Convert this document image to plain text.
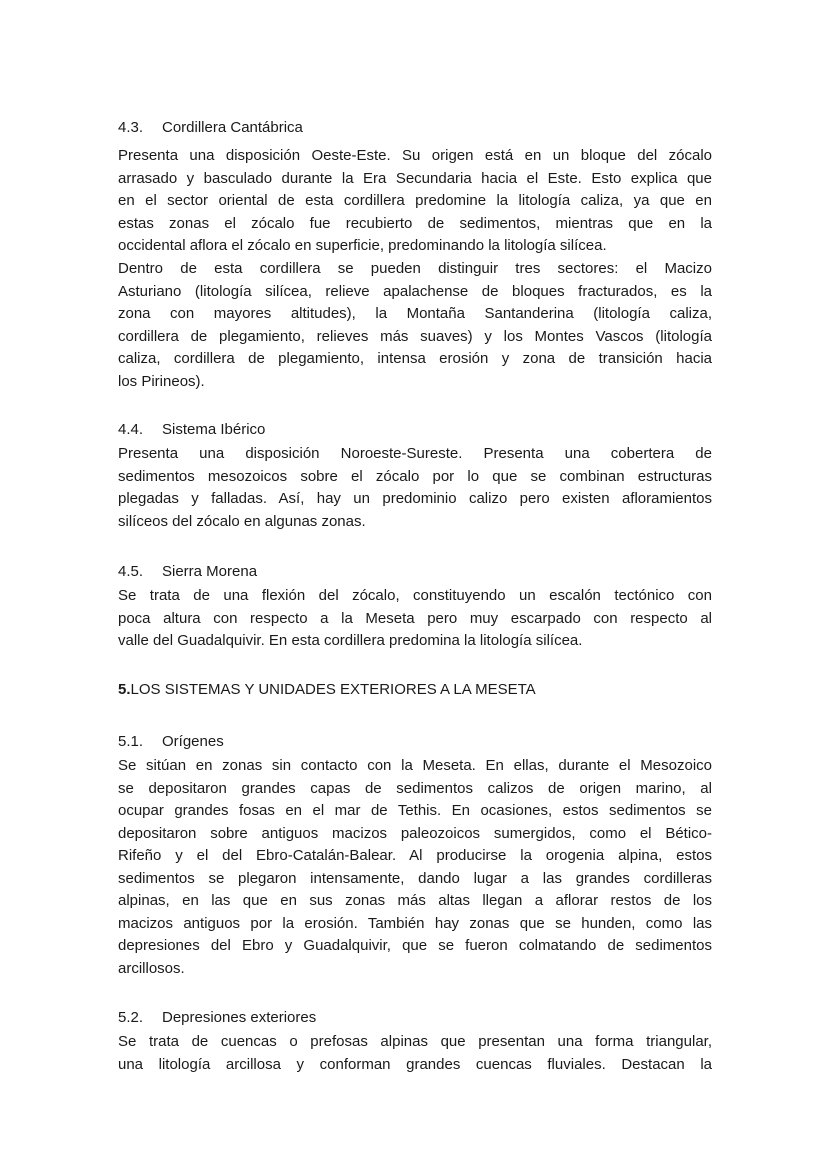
4.3. Cordillera Cantábrica
Presenta una disposición Oeste-Este. Su origen está en un bloque del zócalo
arrasado y basculado durante la Era Secundaria hacia el Este. Esto explica que
en el sector oriental de esta cordillera predomine la litología caliza, ya que en
estas zonas el zócalo fue recubierto de sedimentos, mientras que en la
occidental aflora el zócalo en superficie, predominando la litología silícea.
Dentro de esta cordillera se pueden distinguir tres sectores: el Macizo
Asturiano (litología silícea, relieve apalachense de bloques fracturados, es la
zona con mayores altitudes), la Montaña Santanderina (litología caliza,
cordillera de plegamiento, relieves más suaves) y los Montes Vascos (litología
caliza, cordillera de plegamiento, intensa erosión y zona de transición hacia
los Pirineos).
4.4. Sistema Ibérico
Presenta una disposición Noroeste-Sureste. Presenta una cobertera de
sedimentos mesozoicos sobre el zócalo por lo que se combinan estructuras
plegadas y falladas. Así, hay un predominio calizo pero existen afloramientos
silíceos del zócalo en algunas zonas.
4.5. Sierra Morena
Se trata de una flexión del zócalo, constituyendo un escalón tectónico con
poca altura con respecto a la Meseta pero muy escarpado con respecto al
valle del Guadalquivir. En esta cordillera predomina la litología silícea.
5.LOS SISTEMAS Y UNIDADES EXTERIORES A LA MESETA
5.1. Orígenes
Se sitúan en zonas sin contacto con la Meseta. En ellas, durante el Mesozoico
se depositaron grandes capas de sedimentos calizos de origen marino, al
ocupar grandes fosas en el mar de Tethis. En ocasiones, estos sedimentos se
depositaron sobre antiguos macizos paleozoicos sumergidos, como el Bético-
Rifeño y el del Ebro-Catalán-Balear. Al producirse la orogenia alpina, estos
sedimentos se plegaron intensamente, dando lugar a las grandes cordilleras
alpinas, en las que en sus zonas más altas llegan a aflorar restos de los
macizos antiguos por la erosión. También hay zonas que se hunden, como las
depresiones del Ebro y Guadalquivir, que se fueron colmatando de sedimentos
arcillosos.
5.2. Depresiones exteriores
Se trata de cuencas o prefosas alpinas que presentan una forma triangular,
una litología arcillosa y conforman grandes cuencas fluviales. Destacan la
